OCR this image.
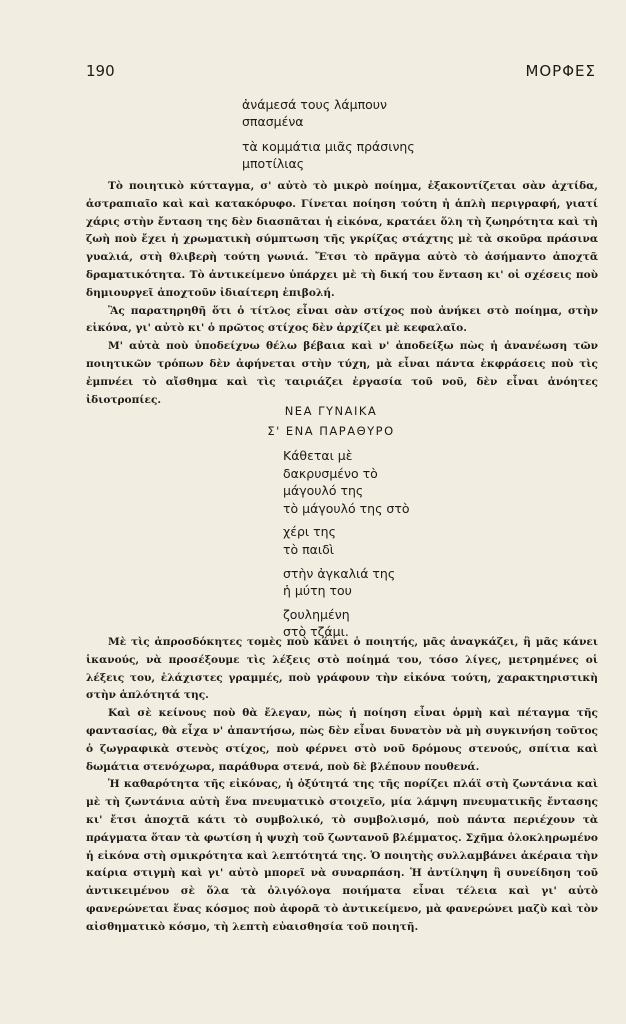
190	ΜΟΡΦΕΣ
ἀνάμεσά τους λάμπουν
σπασμένα
τὰ κομμάτια μιᾶς πράσινης
μποτίλιας

Τὸ ποιητικὸ κύτταγμα, σ' αὐτὸ τὸ μικρὸ ποίημα, ἐξακοντίζεται σὰν ἀχτίδα, ἀστραπιαῖο καὶ καὶ κατακόρυφο. Γίνεται ποίηση τούτη ἡ ἁπλὴ περιγραφή, γιατί χάρις στὴν ἔνταση της δὲν διασπᾶται ἡ εἰκόνα, κρατάει ὅλη τὴ ζωηρότητα καὶ τὴ ζωὴ ποὺ ἔχει ἡ χρωματικὴ σύμπτωση τῆς γκρίζας στάχτης μὲ τὰ σκοῦρα πράσινα γυαλιά, στὴ θλιβερὴ τούτη γωνιά. Ἔτσι τὸ πρᾶγμα αὐτὸ τὸ ἀσήμαντο ἀποχτᾶ δραματικότητα. Τὸ ἀντικείμενο ὑπάρχει μὲ τὴ δική του ἔνταση κι' οἱ σχέσεις ποὺ δημιουργεῖ ἀποχτοῦν ἰδιαίτερη ἐπιβολή.

Ἂς παρατηρηθῆ ὅτι ὁ τίτλος εἶναι σὰν στίχος ποὺ ἀνήκει στὸ ποίημα, στὴν εἰκόνα, γι' αὐτὸ κι' ὁ πρῶτος στίχος δὲν ἀρχίζει μὲ κεφαλαῖο.

Μ' αὐτὰ ποὺ ὑποδείχνω θέλω βέβαια καὶ ν' ἀποδείξω πὼς ἡ ἀνανέωση τῶν ποιητικῶν τρόπων δὲν ἀφήνεται στὴν τύχη, μὰ εἶναι πάντα ἐκφράσεις ποὺ τὶς ἐμπνέει τὸ αἴσθημα καὶ τὶς ταιριάζει ἐργασία τοῦ νοῦ, δὲν εἶναι ἀνόητες ἰδιοτροπίες.

ΝΕΑ ΓΥΝΑΙΚΑ
Σ' ΕΝΑ ΠΑΡΑΘΥΡΟ
Κάθεται μὲ
δακρυσμένο τὸ
μάγουλό της
τὸ μάγουλό της στὸ
χέρι της
τὸ παιδὶ
στὴν ἀγκαλιά της
ἡ μύτη του
ζουλημένη
στὸ τζάμι.

Μὲ τὶς ἀπροσδόκητες τομὲς ποὺ κάνει ὁ ποιητής, μᾶς ἀναγκάζει, ἢ μᾶς κάνει ἱκανούς, νὰ προσέξουμε τὶς λέξεις στὸ ποίημά του, τόσο λίγες, μετρημένες οἱ λέξεις του, ἐλάχιστες γραμμές, ποὺ γράφουν τὴν εἰκόνα τούτη, χαρακτηριστικὴ στὴν ἁπλότητά της.

Καὶ σὲ κείνους ποὺ θὰ ἔλεγαν, πὼς ἡ ποίηση εἶναι ὁρμὴ καὶ πέταγμα τῆς φαντασίας, θὰ εἶχα ν' ἀπαντήσω, πὼς δὲν εἶναι δυνατὸν νὰ μὴ συγκινήση τοῦτος ὁ ζωγραφικὰ στενὸς στίχος, ποὺ φέρνει στὸ νοῦ δρόμους στενούς, σπίτια καὶ δωμάτια στενόχωρα, παράθυρα στενά, ποὺ δὲ βλέπουν πουθενά.

Ἡ καθαρότητα τῆς εἰκόνας, ἡ ὀξύτητά της τῆς πορίζει πλάϊ στὴ ζωντάνια καὶ μὲ τὴ ζωντάνια αὐτὴ ἕνα πνευματικὸ στοιχεῖο, μία λάμψη πνευματικῆς ἔντασης κι' ἔτσι ἀποχτᾶ κάτι τὸ συμβολικό, τὸ συμβολισμό, ποὺ πάντα περιέχουν τὰ πράγματα ὅταν τὰ φωτίση ἡ ψυχὴ τοῦ ζωντανοῦ βλέμματος. Σχῆμα ὁλοκληρωμένο ἡ εἰκόνα στὴ σμικρότητα καὶ λεπτότητά της. Ὁ ποιητὴς συλλαμβάνει ἀκέραια τὴν καίρια στιγμὴ καὶ γι' αὐτὸ μπορεῖ νὰ συναρπάση. Ἡ ἀντίληψη ἢ συνείδηση τοῦ ἀντικειμένου σὲ ὅλα τὰ ὀλιγόλογα ποιήματα εἶναι τέλεια καὶ γι' αὐτὸ φανερώνεται ἕνας κόσμος ποὺ ἀφορᾶ τὸ ἀντικείμενο, μὰ φανερώνει μαζὺ καὶ τὸν αἰσθηματικὸ κόσμο, τὴ λεπτὴ εὐαισθησία τοῦ ποιητῆ.
